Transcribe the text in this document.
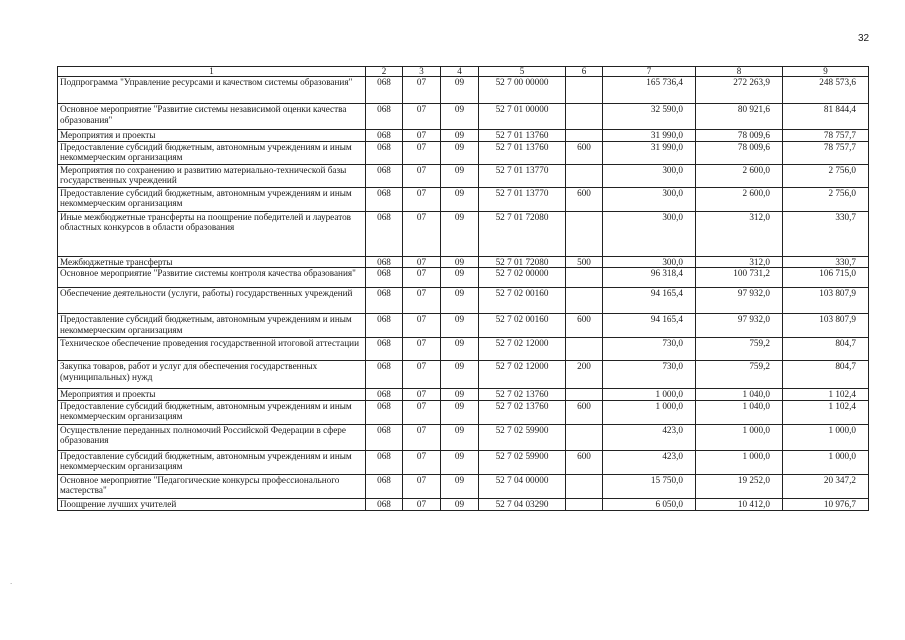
32
·
1	2	3	4	5	6	7	8	9
Подпрограмма "Управление ресурсами и качеством системы образования"	068	07	09	52 7 00 00000		165 736,4	272 263,9	248 573,6
Основное мероприятие "Развитие системы независимой оценки качества образования"	068	07	09	52 7 01 00000		32 590,0	80 921,6	81 844,4
Мероприятия и проекты	068	07	09	52 7 01 13760		31 990,0	78 009,6	78 757,7
Предоставление субсидий бюджетным, автономным учреждениям и иным некоммерческим организациям	068	07	09	52 7 01 13760	600	31 990,0	78 009,6	78 757,7
Мероприятия по сохранению и развитию материально-технической базы государственных учреждений	068	07	09	52 7 01 13770		300,0	2 600,0	2 756,0
Предоставление субсидий бюджетным, автономным учреждениям и иным некоммерческим организациям	068	07	09	52 7 01 13770	600	300,0	2 600,0	2 756,0
Иные межбюджетные трансферты на поощрение победителей и лауреатов областных конкурсов в области образования	068	07	09	52 7 01 72080		300,0	312,0	330,7
Межбюджетные трансферты	068	07	09	52 7 01 72080	500	300,0	312,0	330,7
Основное мероприятие "Развитие системы контроля качества образования"	068	07	09	52 7 02 00000		96 318,4	100 731,2	106 715,0
Обеспечение деятельности (услуги, работы) государственных учреждений	068	07	09	52 7 02 00160		94 165,4	97 932,0	103 807,9
Предоставление субсидий бюджетным, автономным учреждениям и иным некоммерческим организациям	068	07	09	52 7 02 00160	600	94 165,4	97 932,0	103 807,9
Техническое обеспечение проведения государственной итоговой аттестации	068	07	09	52 7 02 12000		730,0	759,2	804,7
Закупка товаров, работ и услуг для обеспечения государственных (муниципальных) нужд	068	07	09	52 7 02 12000	200	730,0	759,2	804,7
Мероприятия и проекты	068	07	09	52 7 02 13760		1 000,0	1 040,0	1 102,4
Предоставление субсидий бюджетным, автономным учреждениям и иным некоммерческим организациям	068	07	09	52 7 02 13760	600	1 000,0	1 040,0	1 102,4
Осуществление переданных полномочий Российской Федерации в сфере образования	068	07	09	52 7 02 59900		423,0	1 000,0	1 000,0
Предоставление субсидий бюджетным, автономным учреждениям и иным некоммерческим организациям	068	07	09	52 7 02 59900	600	423,0	1 000,0	1 000,0
Основное мероприятие "Педагогические конкурсы профессионального мастерства"	068	07	09	52 7 04 00000		15 750,0	19 252,0	20 347,2
Поощрение лучших учителей	068	07	09	52 7 04 03290		6 050,0	10 412,0	10 976,7
